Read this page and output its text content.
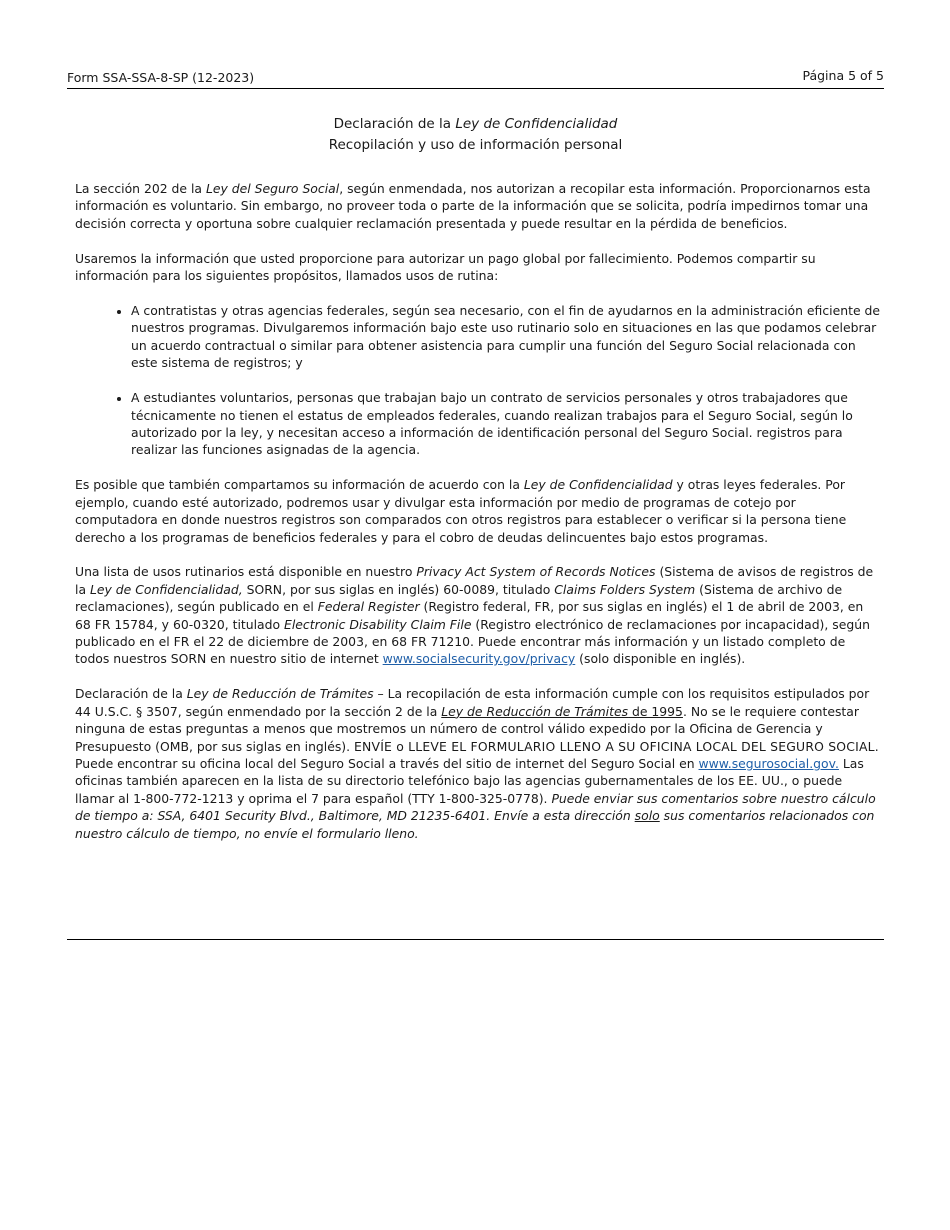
Form SSA-SSA-8-SP (12-2023)	Página 5 of 5
Declaración de la Ley de Confidencialidad
Recopilación y uso de información personal

La sección 202 de la Ley del Seguro Social, según enmendada, nos autorizan a recopilar esta información. Proporcionarnos esta información es voluntario. Sin embargo, no proveer toda o parte de la información que se solicita, podría impedirnos tomar una decisión correcta y oportuna sobre cualquier reclamación presentada y puede resultar en la pérdida de beneficios.

Usaremos la información que usted proporcione para autorizar un pago global por fallecimiento. Podemos compartir su información para los siguientes propósitos, llamados usos de rutina:

• A contratistas y otras agencias federales, según sea necesario, con el fin de ayudarnos en la administración eficiente de nuestros programas. Divulgaremos información bajo este uso rutinario solo en situaciones en las que podamos celebrar un acuerdo contractual o similar para obtener asistencia para cumplir una función del Seguro Social relacionada con este sistema de registros; y
• A estudiantes voluntarios, personas que trabajan bajo un contrato de servicios personales y otros trabajadores que técnicamente no tienen el estatus de empleados federales, cuando realizan trabajos para el Seguro Social, según lo autorizado por la ley, y necesitan acceso a información de identificación personal del Seguro Social. registros para realizar las funciones asignadas de la agencia.

Es posible que también compartamos su información de acuerdo con la Ley de Confidencialidad y otras leyes federales. Por ejemplo, cuando esté autorizado, podremos usar y divulgar esta información por medio de programas de cotejo por computadora en donde nuestros registros son comparados con otros registros para establecer o verificar si la persona tiene derecho a los programas de beneficios federales y para el cobro de deudas delincuentes bajo estos programas.

Una lista de usos rutinarios está disponible en nuestro Privacy Act System of Records Notices (Sistema de avisos de registros de la Ley de Confidencialidad, SORN, por sus siglas en inglés) 60-0089, titulado Claims Folders System (Sistema de archivo de reclamaciones), según publicado en el Federal Register (Registro federal, FR, por sus siglas en inglés) el 1 de abril de 2003, en 68 FR 15784, y 60-0320, titulado Electronic Disability Claim File (Registro electrónico de reclamaciones por incapacidad), según publicado en el FR el 22 de diciembre de 2003, en 68 FR 71210. Puede encontrar más información y un listado completo de todos nuestros SORN en nuestro sitio de internet www.socialsecurity.gov/privacy (solo disponible en inglés).

Declaración de la Ley de Reducción de Trámites – La recopilación de esta información cumple con los requisitos estipulados por 44 U.S.C. § 3507, según enmendado por la sección 2 de la Ley de Reducción de Trámites de 1995. No se le requiere contestar ninguna de estas preguntas a menos que mostremos un número de control válido expedido por la Oficina de Gerencia y Presupuesto (OMB, por sus siglas en inglés). ENVÍE o LLEVE EL FORMULARIO LLENO A SU OFICINA LOCAL DEL SEGURO SOCIAL. Puede encontrar su oficina local del Seguro Social a través del sitio de internet del Seguro Social en www.segurosocial.gov. Las oficinas también aparecen en la lista de su directorio telefónico bajo las agencias gubernamentales de los EE. UU., o puede llamar al 1-800-772-1213 y oprima el 7 para español (TTY 1-800-325-0778). Puede enviar sus comentarios sobre nuestro cálculo de tiempo a: SSA, 6401 Security Blvd., Baltimore, MD 21235-6401. Envíe a esta dirección solo sus comentarios relacionados con nuestro cálculo de tiempo, no envíe el formulario lleno.
